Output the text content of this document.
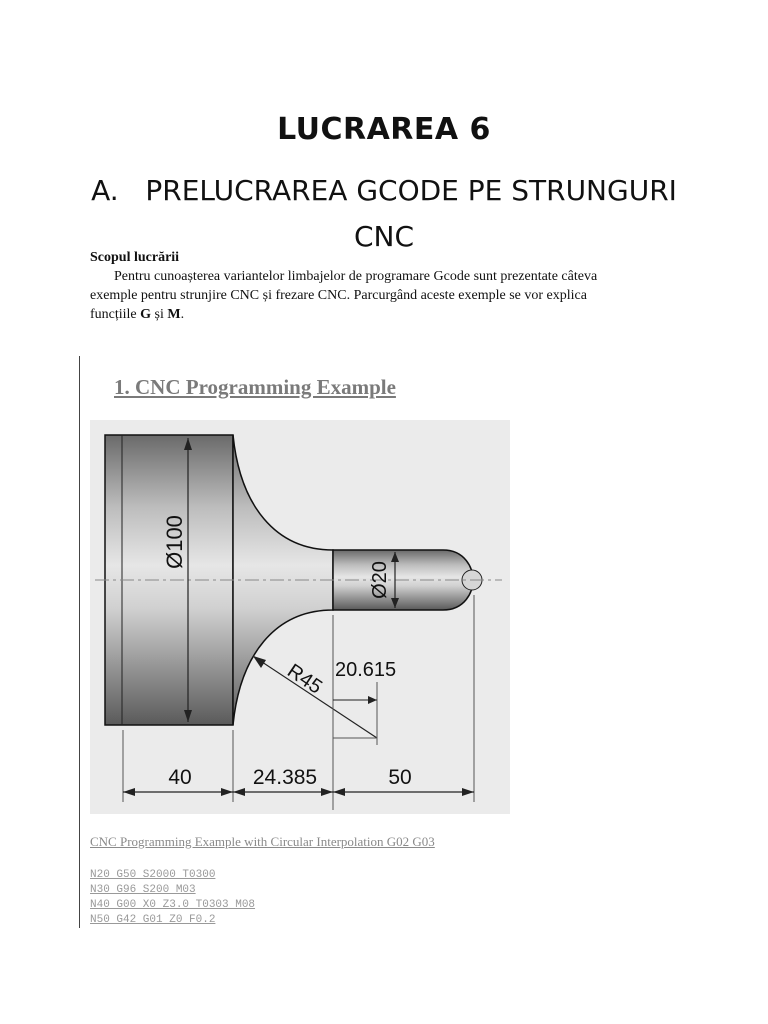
LUCRAREA 6
A.   PRELUCRAREA GCODE PE STRUNGURI
CNC
Scopul lucrării
Pentru cunoașterea variantelor limbajelor de programare Gcode sunt prezentate câteva
exemple pentru strunjire CNC și frezare CNC. Parcurgând aceste exemple se vor explica
funcțiile G și M.
1. CNC Programming Example
Ø100
Ø20
R45 20.615
40	24.385	50
CNC Programming Example with Circular Interpolation G02 G03
N20 G50 S2000 T0300
N30 G96 S200 M03
N40 G00 X0 Z3.0 T0303 M08
N50 G42 G01 Z0 F0.2
